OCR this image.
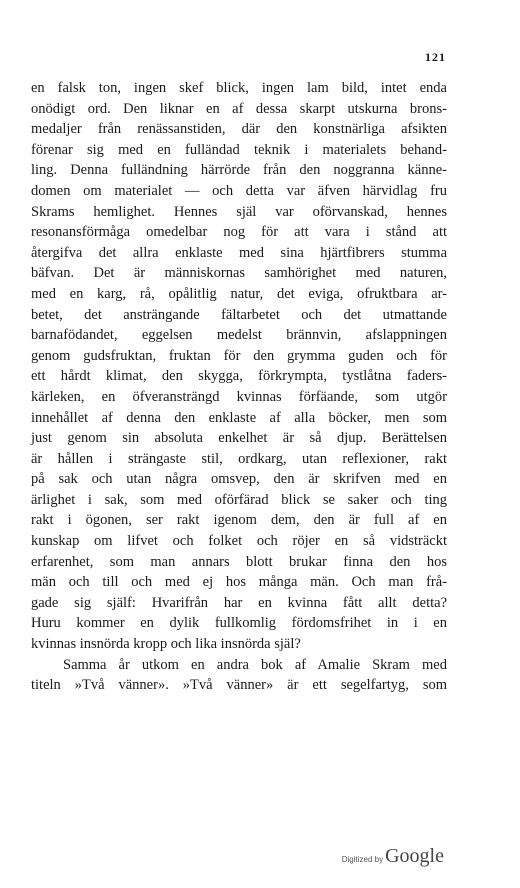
121
en falsk ton, ingen skef blick, ingen lam bild, intet enda
onödigt ord. Den liknar en af dessa skarpt utskurna brons-
medaljer från renässanstiden, där den konstnärliga afsikten
förenar sig med en fulländad teknik i materialets behand-
ling. Denna fulländning härrörde från den noggranna känne-
domen om materialet — och detta var äfven härvidlag fru
Skrams hemlighet. Hennes själ var oförvanskad, hennes
resonansförmåga omedelbar nog för att vara i stånd att
återgifva det allra enklaste med sina hjärtfibrers stumma
bäfvan. Det är människornas samhörighet med naturen,
med en karg, rå, opålitlig natur, det eviga, ofruktbara ar-
betet, det ansträngande fältarbetet och det utmattande
barnafödandet, eggelsen medelst brännvin, afslappningen
genom gudsfruktan, fruktan för den grymma guden och för
ett hårdt klimat, den skygga, förkrympta, tystlåtna faders-
kärleken, en öfveransträngd kvinnas förfäande, som utgör
innehållet af denna den enklaste af alla böcker, men som
just genom sin absoluta enkelhet är så djup. Berättelsen
är hållen i strängaste stil, ordkarg, utan reflexioner, rakt
på sak och utan några omsvep, den är skrifven med en
ärlighet i sak, som med oförfärad blick se saker och ting
rakt i ögonen, ser rakt igenom dem, den är full af en
kunskap om lifvet och folket och röjer en så vidsträckt
erfarenhet, som man annars blott brukar finna den hos
män och till och med ej hos många män. Och man frå-
gade sig själf: Hvarifrån har en kvinna fått allt detta?
Huru kommer en dylik fullkomlig fördomsfrihet in i en
kvinnas insnörda kropp och lika insnörda själ?
Samma år utkom en andra bok af Amalie Skram med
titeln »Två vänner». »Två vänner» är ett segelfartyg, som
Digitized by Google
